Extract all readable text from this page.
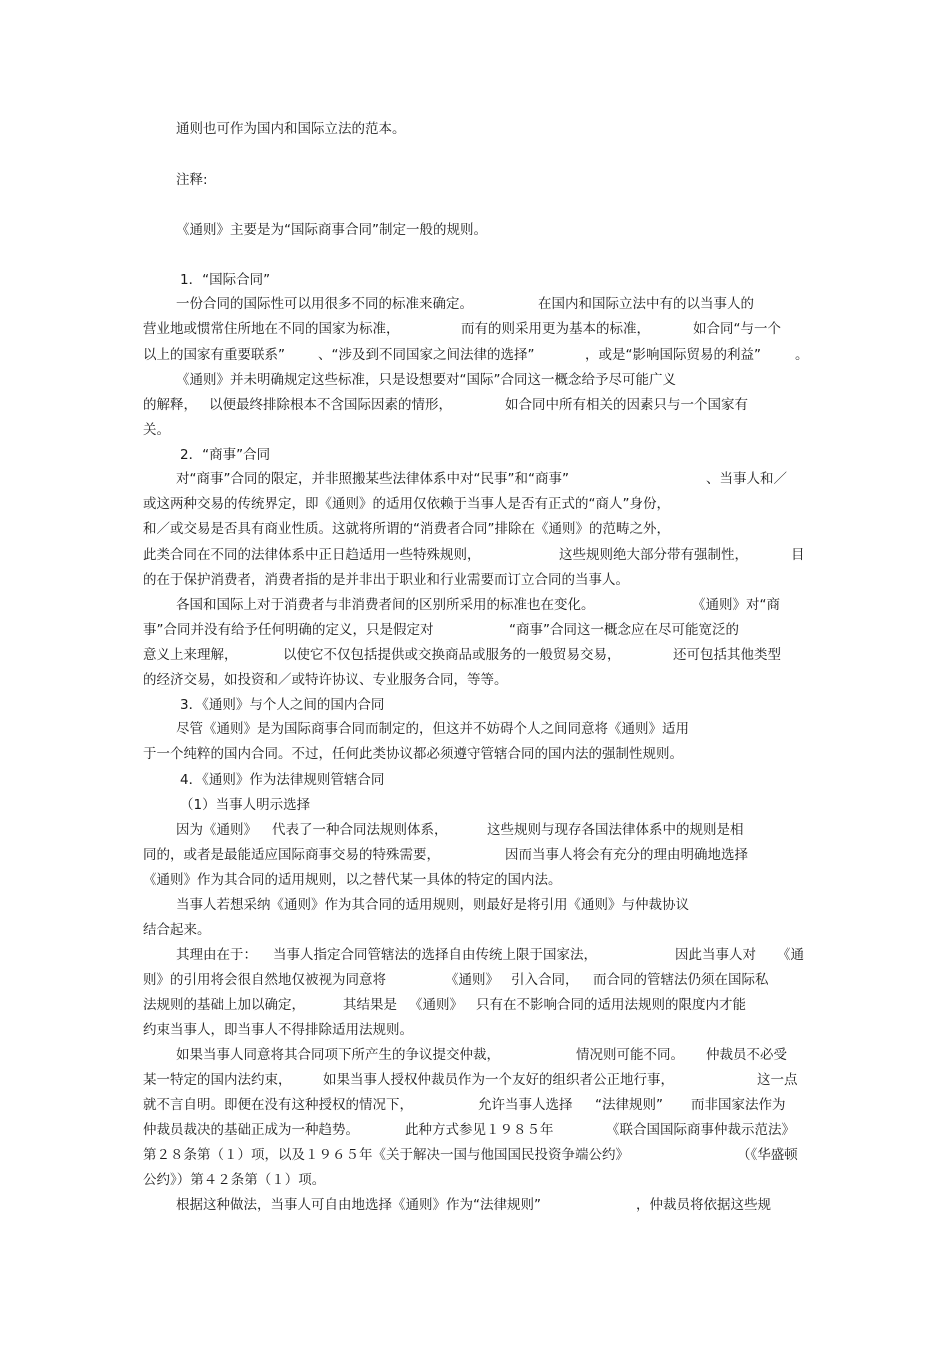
通则也可作为国内和国际立法的范本。
注释:
《通则》主要是为“国际商事合同”制定一般的规则。
1．“国际合同”
一份合同的国际性可以用很多不同的标准来确定。	在国内和国际立法中有的以当事人的
营业地或惯常住所地在不同的国家为标准，	而有的则采用更为基本的标准，	如合同“与一个
以上的国家有重要联系” 、“涉及到不同国家之间法律的选择”	，或是“影响国际贸易的利益”	。
《通则》并未明确规定这些标准，只是设想要对“国际”合同这一概念给予尽可能广义
的解释， 以便最终排除根本不含国际因素的情形，	如合同中所有相关的因素只与一个国家有
关。
2．“商事”合同
对“商事”合同的限定，并非照搬某些法律体系中对“民事”和“商事”	、当事人和／
或这两种交易的传统界定，即《通则》的适用仅依赖于当事人是否有正式的“商人”身份，
和／或交易是否具有商业性质。这就将所谓的“消费者合同”排除在《通则》的范畴之外，
此类合同在不同的法律体系中正日趋适用一些特殊规则，	这些规则绝大部分带有强制性，	目
的在于保护消费者，消费者指的是并非出于职业和行业需要而订立合同的当事人。
各国和国际上对于消费者与非消费者间的区别所采用的标准也在变化。	《通则》对“商
事”合同并没有给予任何明确的定义，只是假定对	“商事”合同这一概念应在尽可能宽泛的
意义上来理解，	以使它不仅包括提供或交换商品或服务的一般贸易交易，	还可包括其他类型
的经济交易，如投资和／或特许协议、专业服务合同，等等。
3．《通则》与个人之间的国内合同
尽管《通则》是为国际商事合同而制定的，但这并不妨碍个人之间同意将《通则》适用
于一个纯粹的国内合同。不过，任何此类协议都必须遵守管辖合同的国内法的强制性规则。
4．《通则》作为法律规则管辖合同
（1）当事人明示选择
因为《通则》 代表了一种合同法规则体系，	这些规则与现存各国法律体系中的规则是相
同的，或者是最能适应国际商事交易的特殊需要，	因而当事人将会有充分的理由明确地选择
《通则》作为其合同的适用规则，以之替代某一具体的特定的国内法。
当事人若想采纳《通则》作为其合同的适用规则，则最好是将引用《通则》与仲裁协议
结合起来。
其理由在于： 当事人指定合同管辖法的选择自由传统上限于国家法，	因此当事人对 《通
则》的引用将会很自然地仅被视为同意将	《通则》 引入合同， 而合同的管辖法仍须在国际私
法规则的基础上加以确定，	其结果是 《通则》 只有在不影响合同的适用法规则的限度内才能
约束当事人，即当事人不得排除适用法规则。
如果当事人同意将其合同项下所产生的争议提交仲裁，	情况则可能不同。 仲裁员不必受
某一特定的国内法约束， 如果当事人授权仲裁员作为一个友好的组织者公正地行事，	这一点
就不言自明。即便在没有这种授权的情况下，	允许当事人选择 “法律规则” 而非国家法作为
仲裁员裁决的基础正成为一种趋势。	此种方式参见１９８５年	《联合国国际商事仲裁示范法》
第２８条第（１）项，以及１９６５年《关于解决一国与他国国民投资争端公约》	（《华盛顿
公约》）第４２条第（１）项。
根据这种做法，当事人可自由地选择《通则》作为“法律规则”	，仲裁员将依据这些规
